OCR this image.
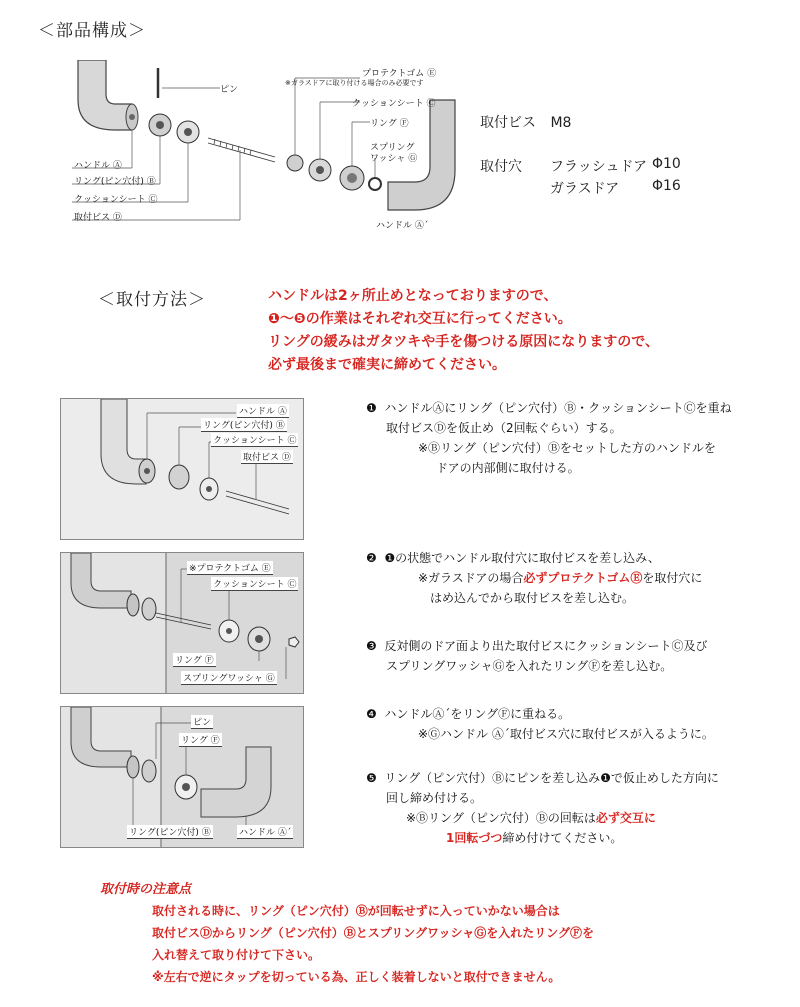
＜部品構成＞
ピン
プロテクトゴム Ⓔ
※ガラスドアに取り付ける場合のみ必要です
クッションシート Ⓒ
リング Ⓕ
スプリング
ワッシャ Ⓖ
ハンドル Ⓐ´
ハンドル Ⓐ
リング(ピン穴付) Ⓑ
クッションシート Ⓒ
取付ビス Ⓓ
取付ビス M8
取付穴 フラッシュドア Φ10
ガラスドア Φ16
＜取付方法＞	ハンドルは2ヶ所止めとなっておりますので、
❶〜❺の作業はそれぞれ交互に行ってください。
リングの緩みはガタツキや手を傷つける原因になりますので、
必ず最後まで確実に締めてください。
ハンドル Ⓐ
リング(ピン穴付) Ⓑ
クッションシート Ⓒ
取付ビス Ⓓ
※プロテクトゴム Ⓔ
クッションシート Ⓒ
リング Ⓕ
スプリングワッシャ Ⓖ
ピン
リング Ⓕ
リング(ピン穴付) Ⓑ	ハンドル Ⓐ´
❶ ハンドルⒶにリング（ピン穴付）Ⓑ・クッションシートⒸを重ね
取付ビスⒹを仮止め（2回転ぐらい）する。
※Ⓑリング（ピン穴付）Ⓑをセットした方のハンドルを
ドアの内部側に取付ける。
❷ ❶の状態でハンドル取付穴に取付ビスを差し込み、
※ガラスドアの場合必ずプロテクトゴムⒺを取付穴に
はめ込んでから取付ビスを差し込む。
❸ 反対側のドア面より出た取付ビスにクッションシートⒸ及び
スプリングワッシャⒼを入れたリングⒻを差し込む。
❹ ハンドルⒶ´をリングⒻに重ねる。
※Ⓖハンドル Ⓐ´取付ビス穴に取付ビスが入るように。
❺ リング（ピン穴付）Ⓑにピンを差し込み❶で仮止めした方向に
回し締め付ける。
※Ⓑリング（ピン穴付）Ⓑの回転は必ず交互に
1回転づつ締め付けてください。
取付時の注意点
取付される時に、リング（ピン穴付）Ⓑが回転せずに入っていかない場合は
取付ビスⒹからリング（ピン穴付）ⒷとスプリングワッシャⒼを入れたリングⒻを
入れ替えて取り付けて下さい。
※左右で逆にタップを切っている為、正しく装着しないと取付できません。
